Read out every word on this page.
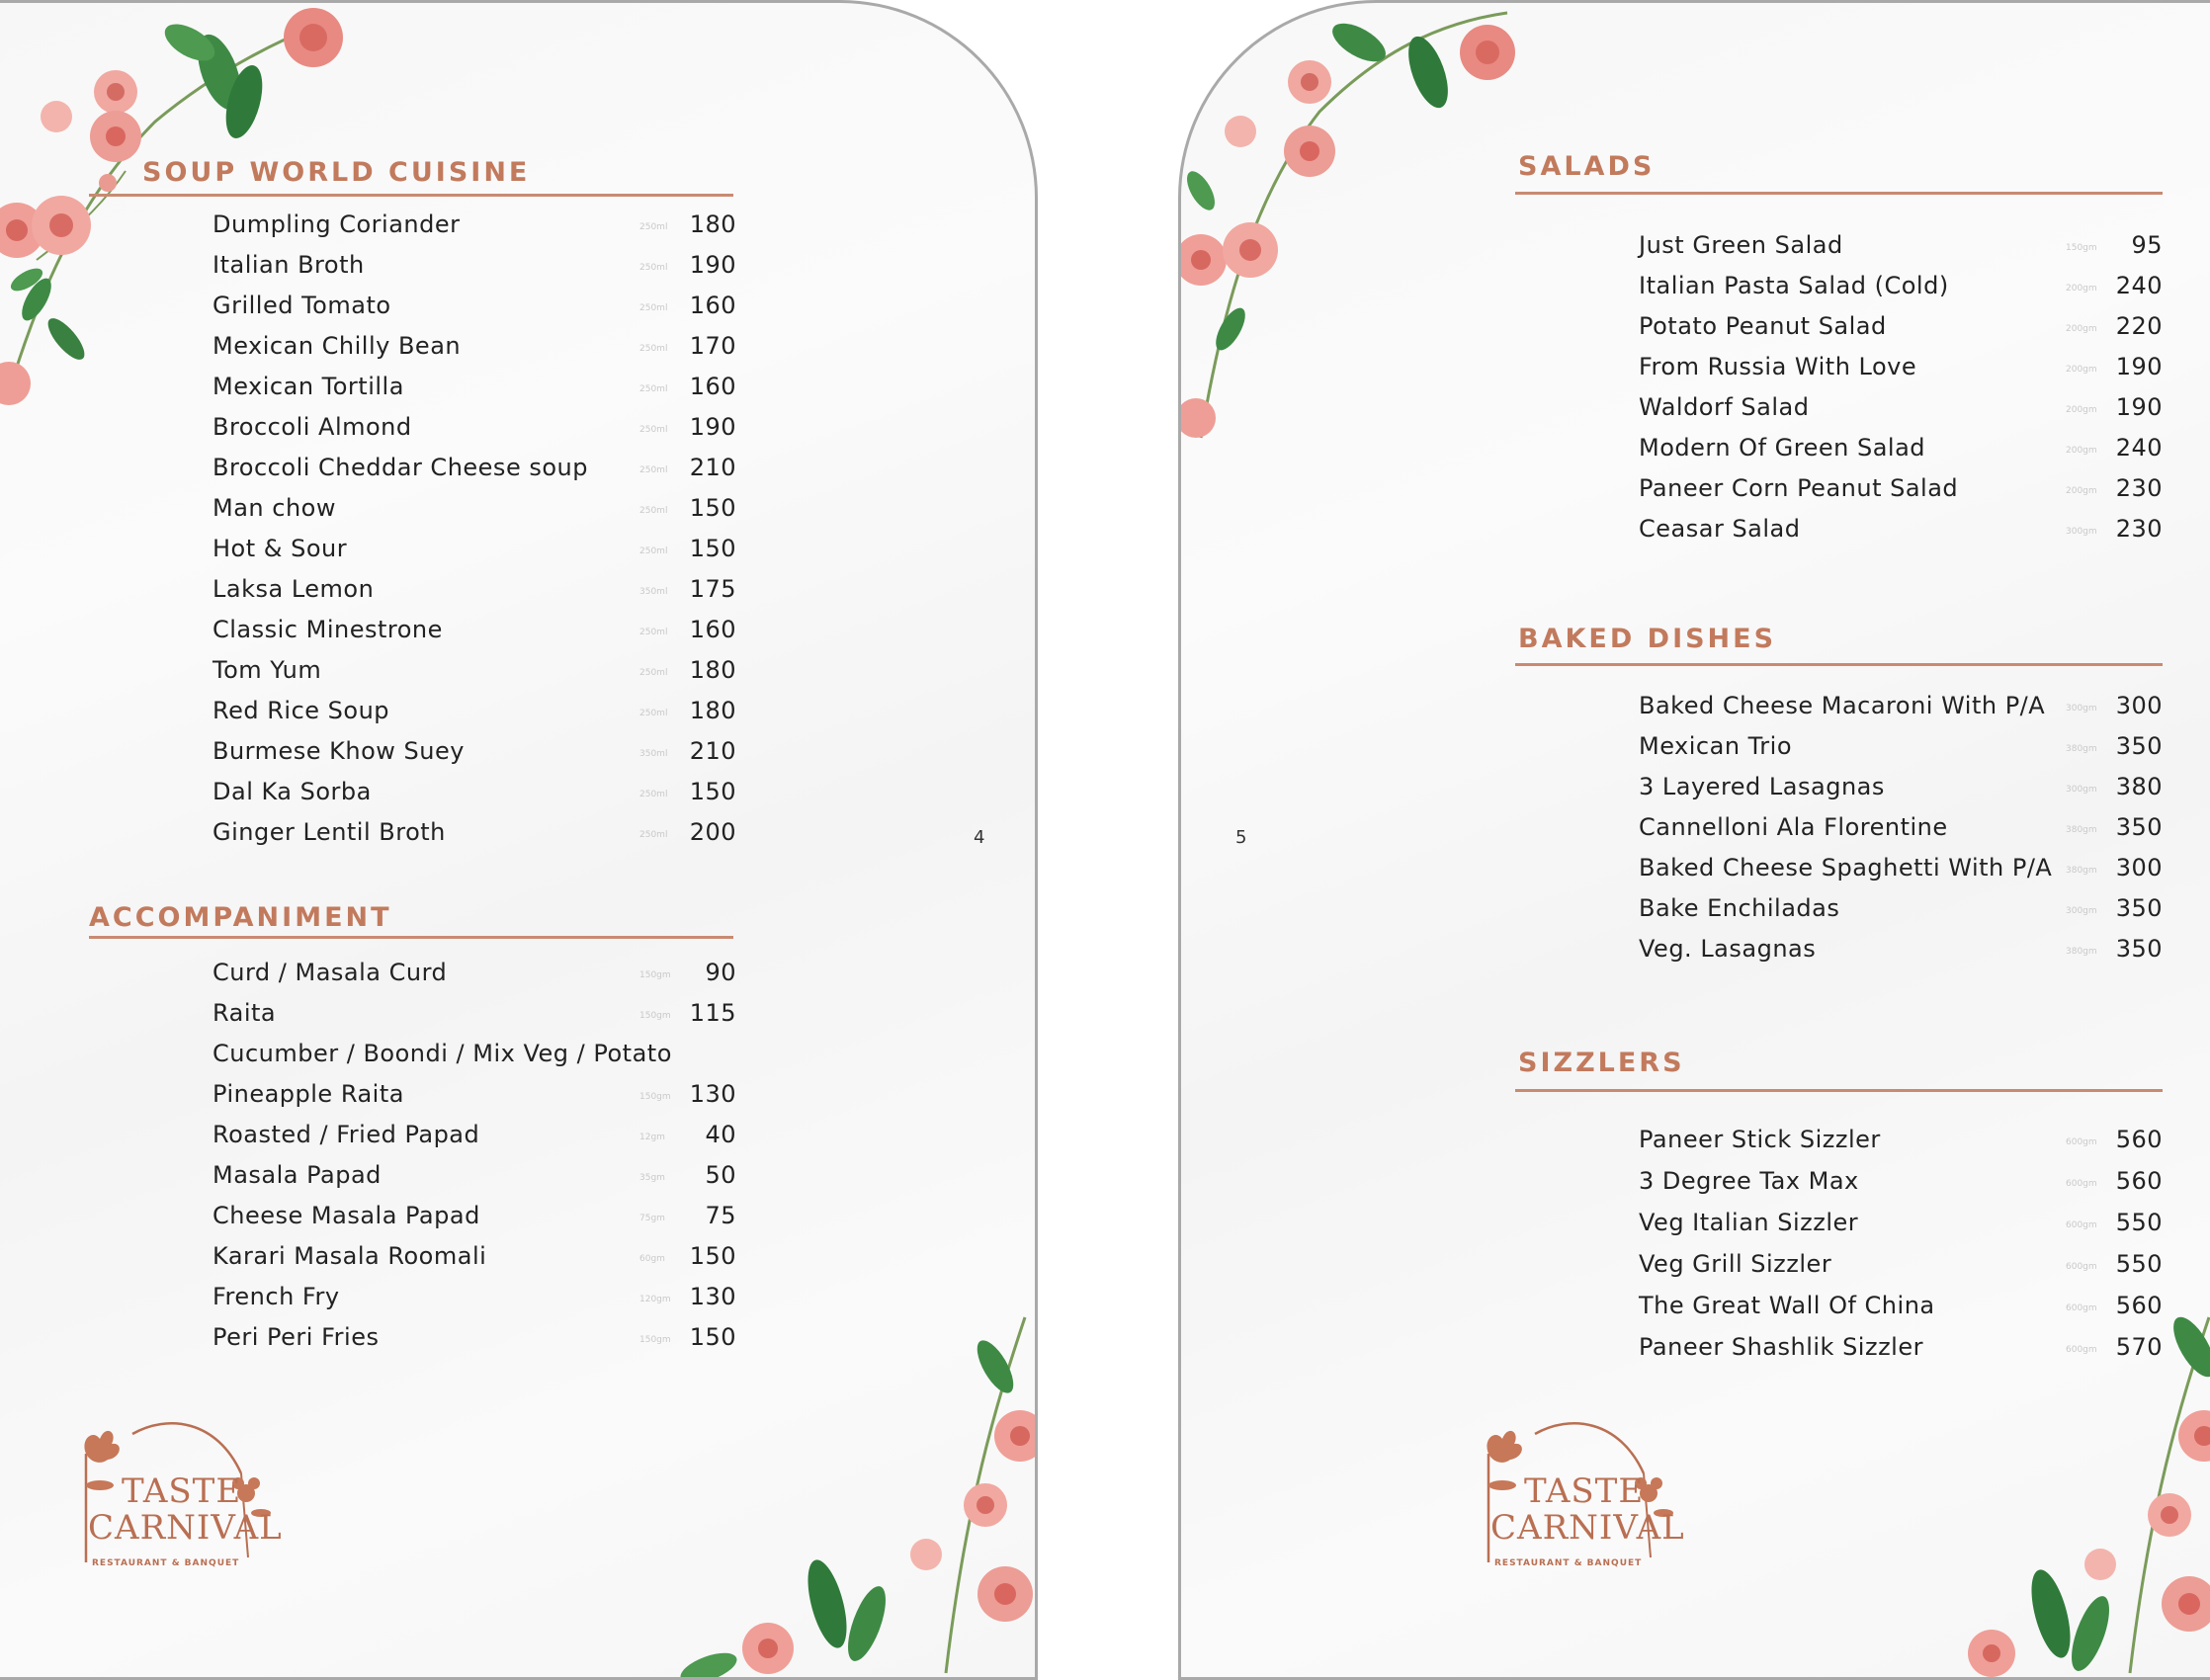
SOUP WORLD CUISINE
Dumpling Coriander	250ml 180
Italian Broth	250ml 190
Grilled Tomato	250ml 160
Mexican Chilly Bean	250ml 170
Mexican Tortilla	250ml 160
Broccoli Almond	250ml 190
Broccoli Cheddar Cheese soup	250ml 210
Man chow	250ml 150
Hot & Sour	250ml 150
Laksa Lemon	350ml 175
Classic Minestrone	250ml 160
Tom Yum	250ml 180
Red Rice Soup	250ml 180
Burmese Khow Suey	350ml 210
Dal Ka Sorba	250ml 150
Ginger Lentil Broth	250ml 200
ACCOMPANIMENT
Curd / Masala Curd	150gm	90
Raita	150gm 115
Cucumber / Boondi / Mix Veg / Potato
Pineapple Raita	150gm 130
Roasted / Fried Papad	12gm	40
Masala Papad	35gm	50
Cheese Masala Papad	75gm	75
Karari Masala Roomali	60gm	150
French Fry	120gm 130
Peri Peri Fries	150gm 150
4
TASTE
CARNIVAL
RESTAURANT & BANQUET
SALADS
Just Green Salad	150gm	95
Italian Pasta Salad (Cold)	200gm 240
Potato Peanut Salad	200gm 220
From Russia With Love	200gm 190
Waldorf Salad	200gm 190
Modern Of Green Salad	200gm 240
Paneer Corn Peanut Salad	200gm 230
Ceasar Salad	300gm 230
BAKED DISHES
Baked Cheese Macaroni With P/A 300gm 300
Mexican Trio	380gm 350
3 Layered Lasagnas	300gm 380
Cannelloni Ala Florentine	380gm 350
Baked Cheese Spaghetti With P/A 380gm 300
Bake Enchiladas	300gm 350
Veg. Lasagnas	380gm 350
SIZZLERS
Paneer Stick Sizzler	600gm 560
3 Degree Tax Max	600gm 560
Veg Italian Sizzler	600gm 550
Veg Grill Sizzler	600gm 550
The Great Wall Of China	600gm 560
Paneer Shashlik Sizzler	600gm 570
5
TASTE
CARNIVAL
RESTAURANT & BANQUET
